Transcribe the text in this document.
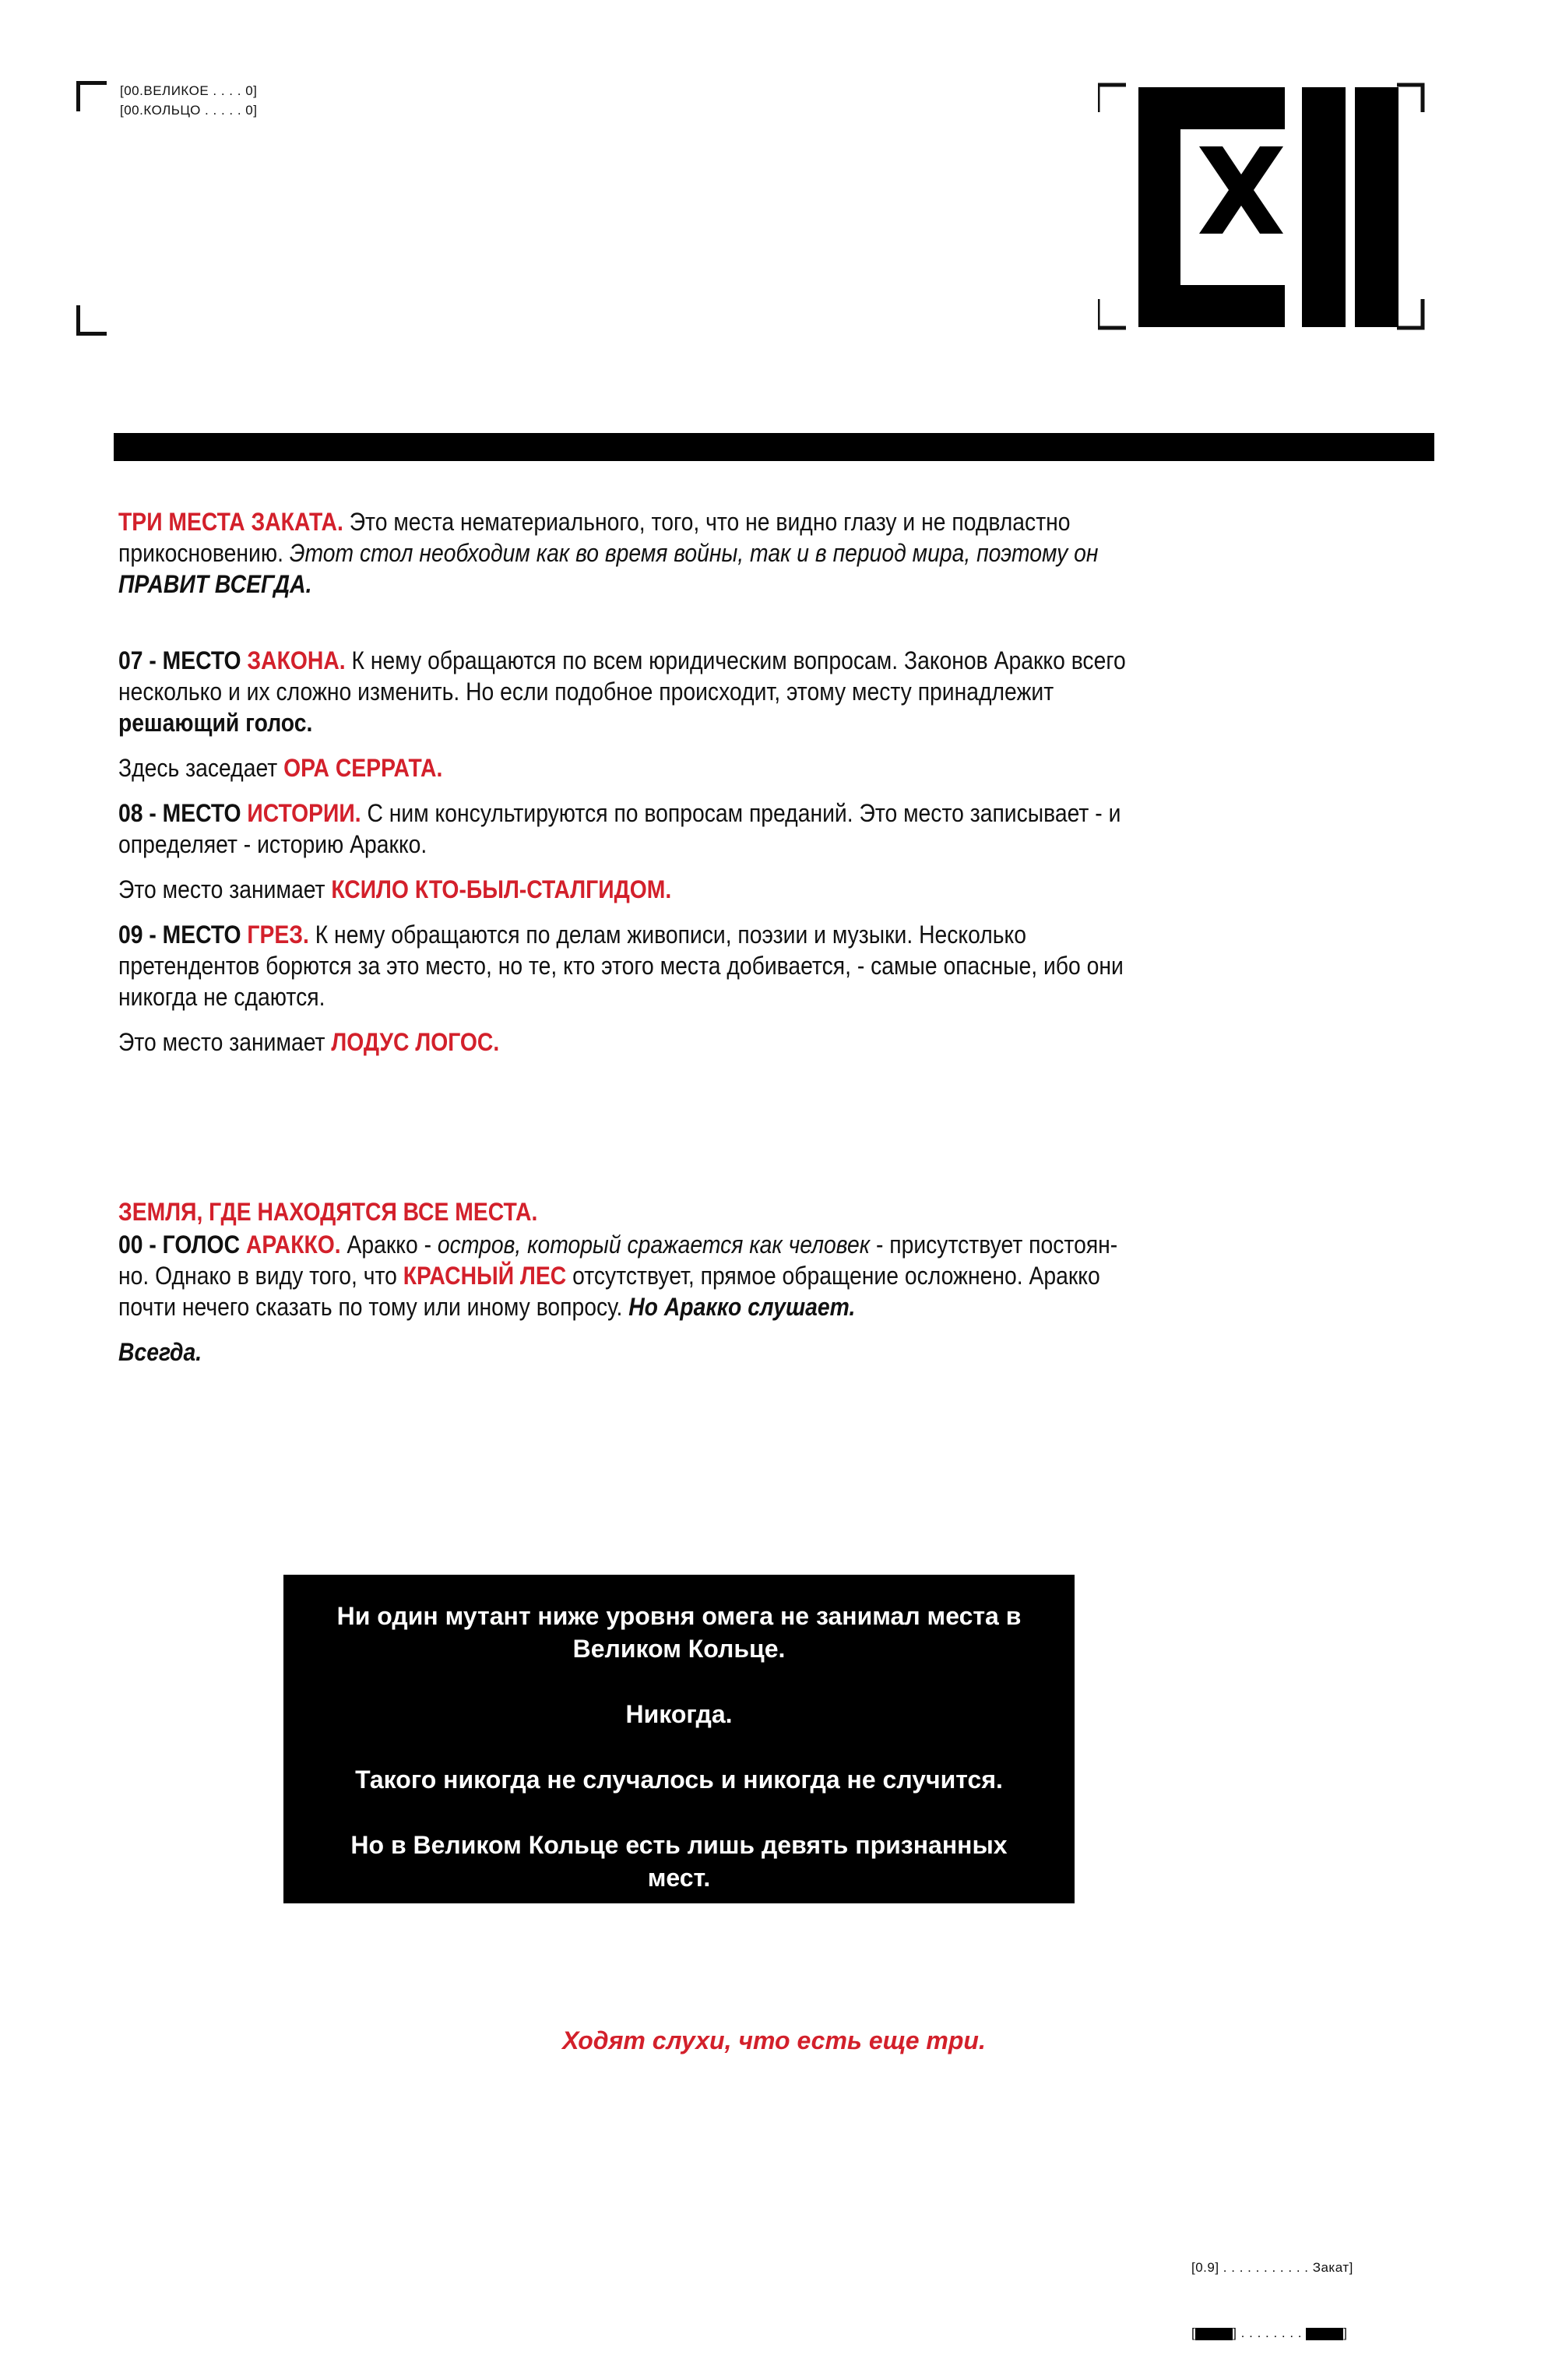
[00.ВЕЛИКОЕ . . . . 0]
[00.КОЛЬЦО . . . . . 0]

ТРИ МЕСТА ЗАКАТА. Это места нематериального, того, что не видно глазу и не подвластно прикосновению. Этот стол необходим как во время войны, так и в период мира, поэтому он ПРАВИТ ВСЕГДА.

07 - МЕСТО ЗАКОНА. К нему обращаются по всем юридическим вопросам. Законов Аракко всего несколько и их сложно изменить. Но если подобное происходит, этому месту принадлежит решающий голос.

Здесь заседает ОРА СЕРРАТА.

08 - МЕСТО ИСТОРИИ. С ним консультируются по вопросам преданий. Это место записывает - и определяет - историю Аракко.

Это место занимает КСИЛО КТО-БЫЛ-СТАЛГИДОМ.

09 - МЕСТО ГРЕЗ. К нему обращаются по делам живописи, поэзии и музыки. Несколько претендентов борются за это место, но те, кто этого места добивается, - самые опасные, ибо они никогда не сдаются.

Это место занимает ЛОДУС ЛОГОС.

ЗЕМЛЯ, ГДЕ НАХОДЯТСЯ ВСЕ МЕСТА.

00 - ГОЛОС АРАККО. Аракко - остров, который сражается как человек - присутствует постоян-но. Однако в виду того, что КРАСНЫЙ ЛЕС отсутствует, прямое обращение осложнено. Аракко почти нечего сказать по тому или иному вопросу. Но Аракко слушает.

Всегда.

Ни один мутант ниже уровня омега не занимал места в Великом Кольце.

Никогда.

Такого никогда не случалось и никогда не случится.

Но в Великом Кольце есть лишь девять признанных мест.

Ходят слухи, что есть еще три.

[0.9] . . . . . . . . . . . Закат]

[	] . . . . . . . .	]
